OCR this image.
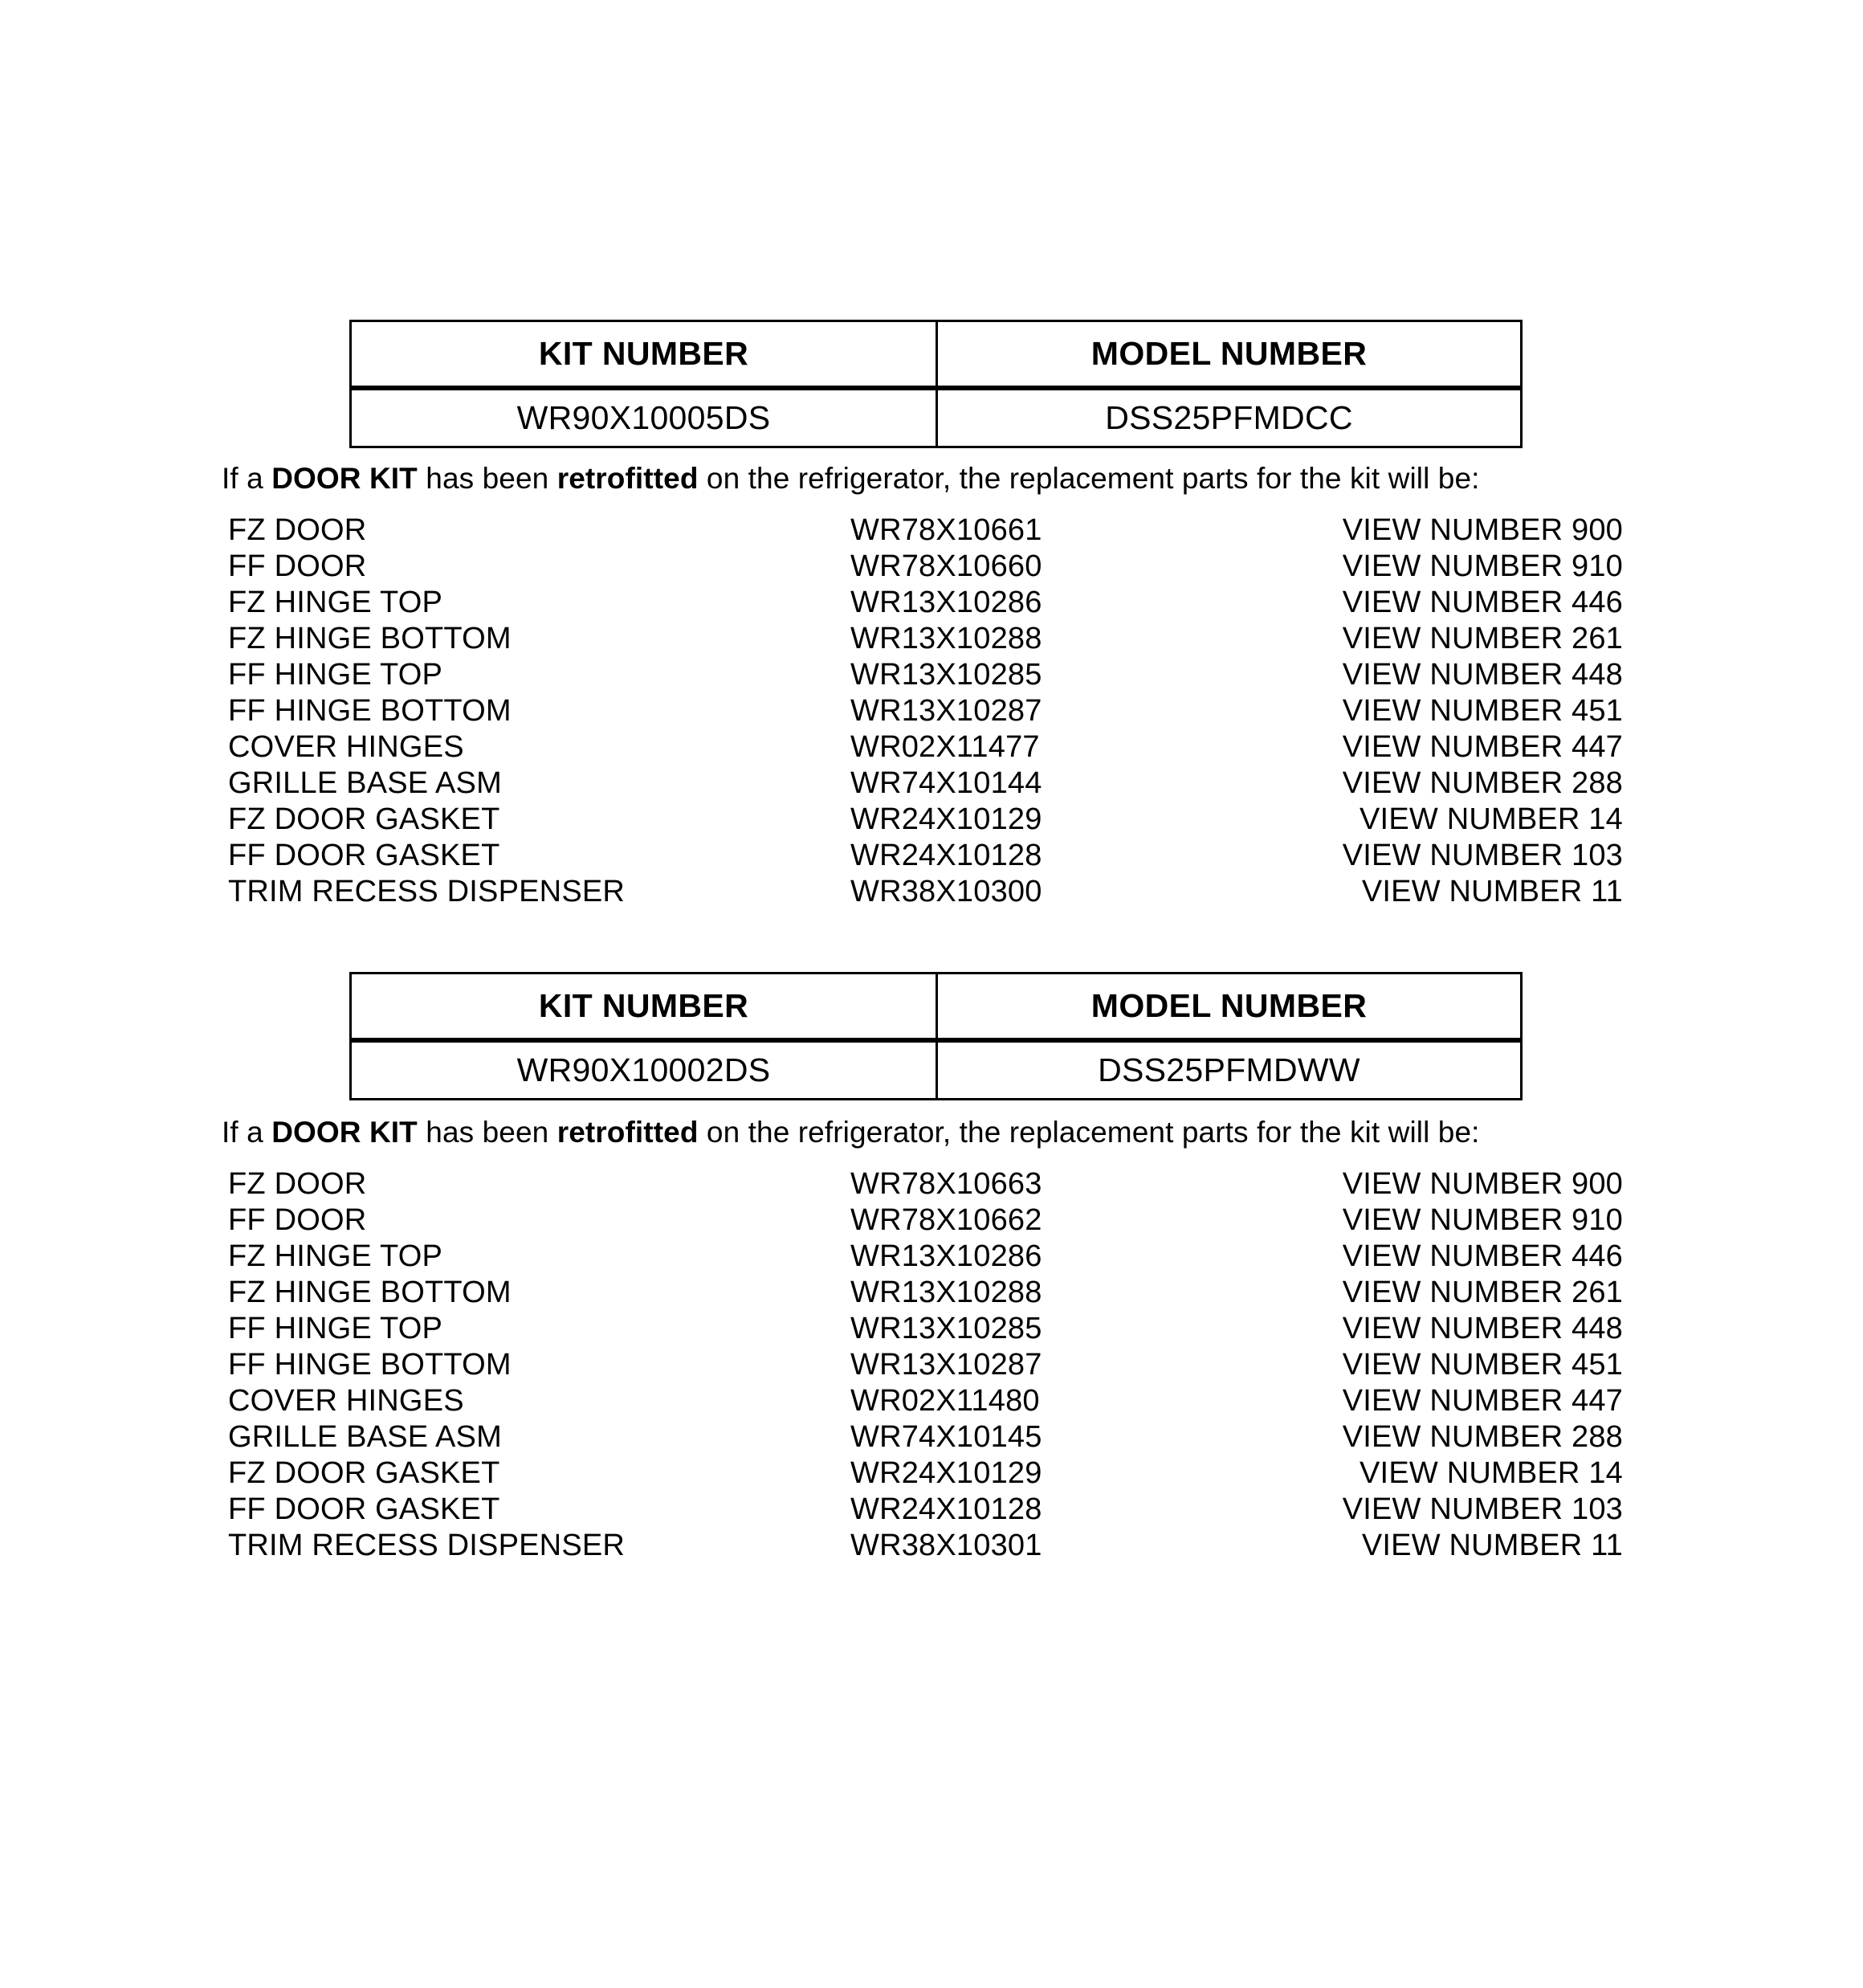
KIT NUMBER	MODEL NUMBER
WR90X10005DS	DSS25PFMDCC
If a DOOR KIT has been retrofitted on the refrigerator, the replacement parts for the kit will be:
FZ DOOR	WR78X10661	VIEW NUMBER 900
FF DOOR	WR78X10660	VIEW NUMBER 910
FZ HINGE TOP	WR13X10286	VIEW NUMBER 446
FZ HINGE BOTTOM	WR13X10288	VIEW NUMBER 261
FF HINGE TOP	WR13X10285	VIEW NUMBER 448
FF HINGE BOTTOM	WR13X10287	VIEW NUMBER 451
COVER HINGES	WR02X11477	VIEW NUMBER 447
GRILLE BASE ASM	WR74X10144	VIEW NUMBER 288
FZ DOOR GASKET	WR24X10129	VIEW NUMBER 14
FF DOOR GASKET	WR24X10128	VIEW NUMBER 103
TRIM RECESS DISPENSER	WR38X10300	VIEW NUMBER 11
KIT NUMBER	MODEL NUMBER
WR90X10002DS	DSS25PFMDWW
If a DOOR KIT has been retrofitted on the refrigerator, the replacement parts for the kit will be:
FZ DOOR	WR78X10663	VIEW NUMBER 900
FF DOOR	WR78X10662	VIEW NUMBER 910
FZ HINGE TOP	WR13X10286	VIEW NUMBER 446
FZ HINGE BOTTOM	WR13X10288	VIEW NUMBER 261
FF HINGE TOP	WR13X10285	VIEW NUMBER 448
FF HINGE BOTTOM	WR13X10287	VIEW NUMBER 451
COVER HINGES	WR02X11480	VIEW NUMBER 447
GRILLE BASE ASM	WR74X10145	VIEW NUMBER 288
FZ DOOR GASKET	WR24X10129	VIEW NUMBER 14
FF DOOR GASKET	WR24X10128	VIEW NUMBER 103
TRIM RECESS DISPENSER	WR38X10301	VIEW NUMBER 11
